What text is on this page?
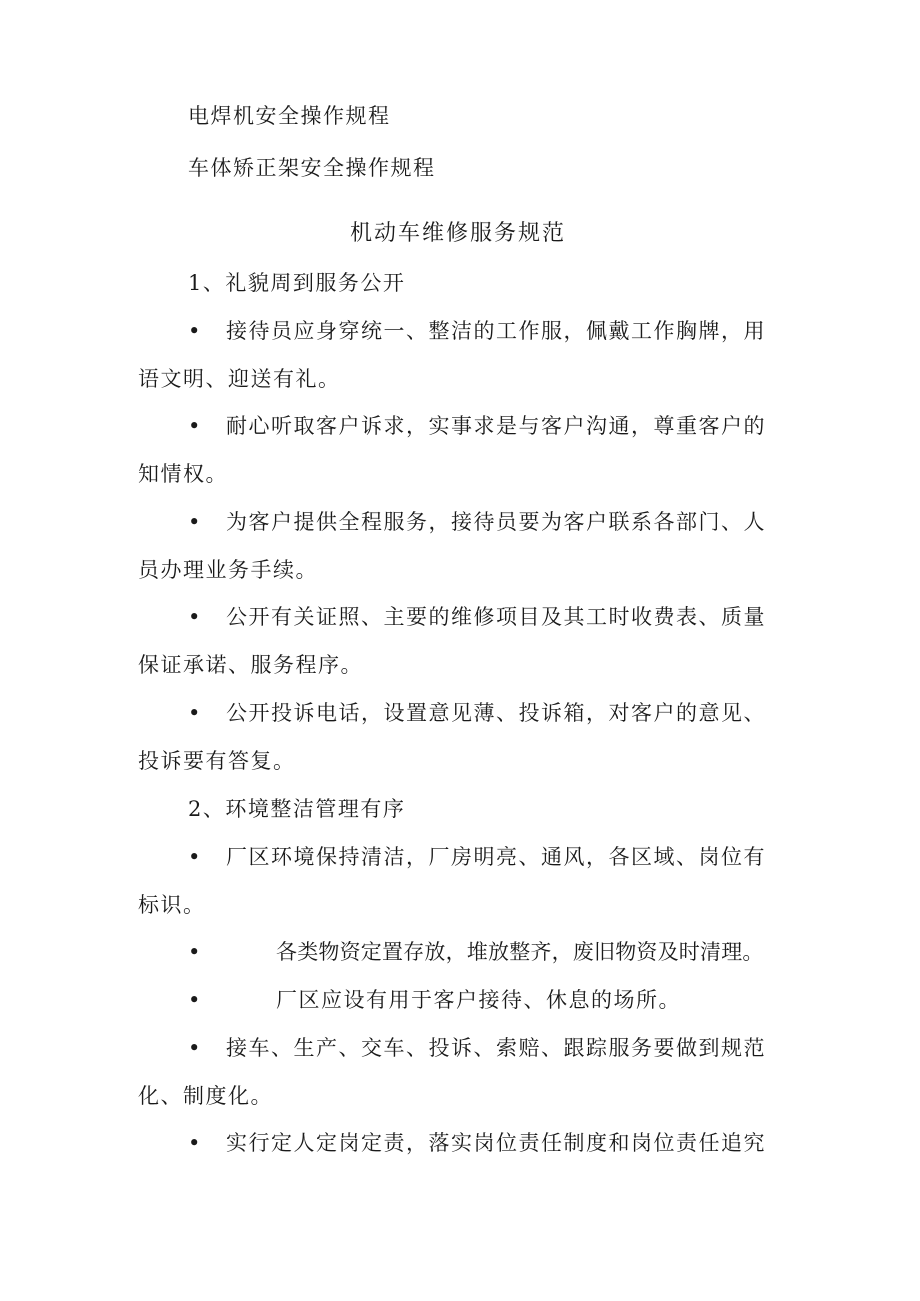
电焊机安全操作规程
车体矫正架安全操作规程
机动车维修服务规范
1、礼貌周到服务公开
• 接待员应身穿统一、整洁的工作服，佩戴工作胸牌，用
语文明、迎送有礼。
• 耐心听取客户诉求，实事求是与客户沟通，尊重客户的
知情权。
• 为客户提供全程服务，接待员要为客户联系各部门、人
员办理业务手续。
• 公开有关证照、主要的维修项目及其工时收费表、质量
保证承诺、服务程序。
• 公开投诉电话，设置意见薄、投诉箱，对客户的意见、
投诉要有答复。
2、环境整洁管理有序
• 厂区环境保持清洁，厂房明亮、通风，各区域、岗位有
标识。
•	各类物资定置存放，堆放整齐，废旧物资及时清理。
•	厂区应设有用于客户接待、休息的场所。
• 接车、生产、交车、投诉、索赔、跟踪服务要做到规范
化、制度化。
• 实行定人定岗定责，落实岗位责任制度和岗位责任追究
